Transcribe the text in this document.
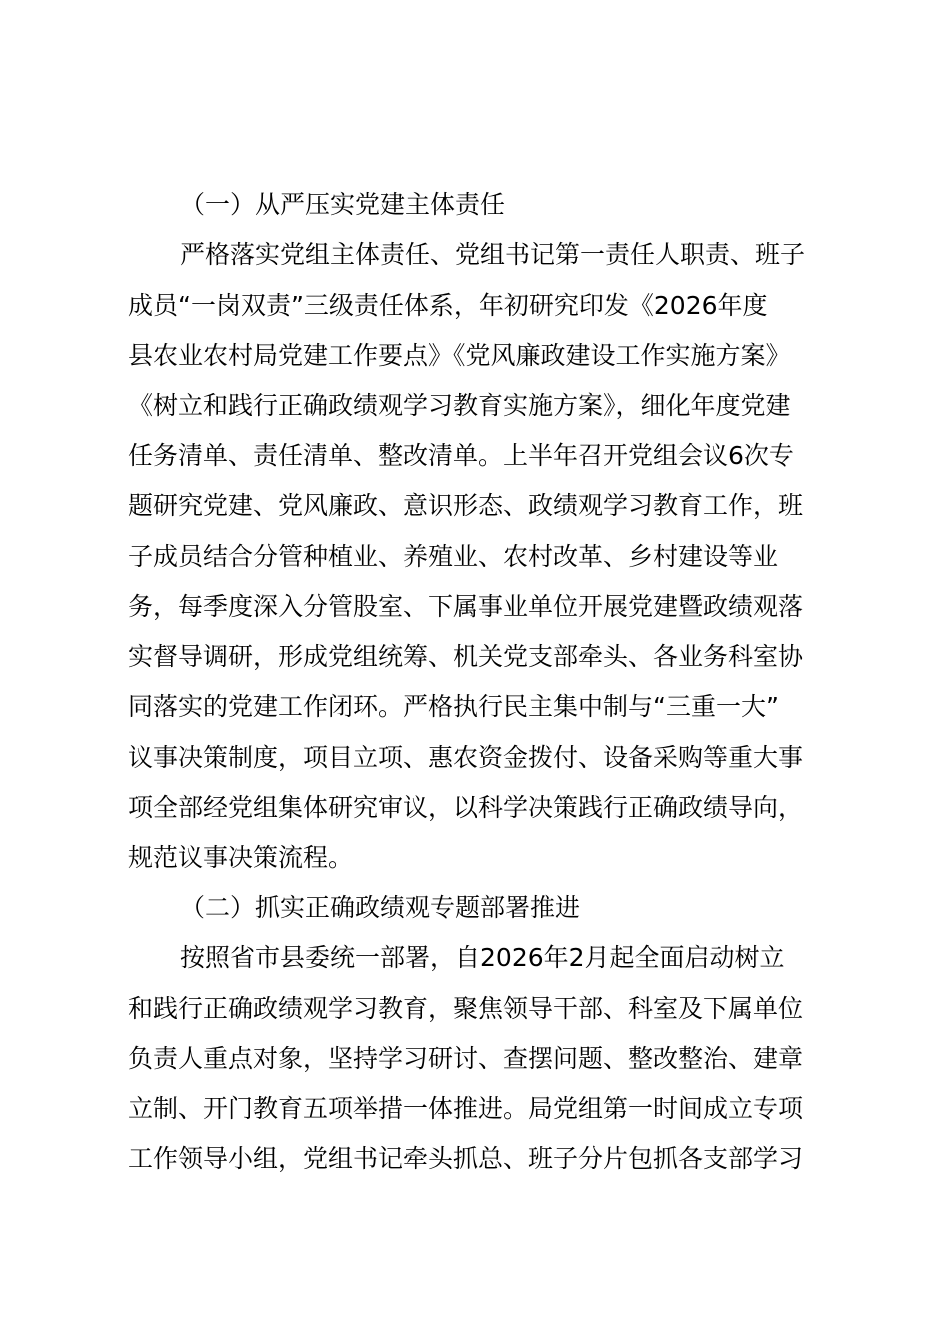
（一）从严压实党建主体责任
严格落实党组主体责任、党组书记第一责任人职责、班子
成员“一岗双责”三级责任体系，年初研究印发《2026年度
县农业农村局党建工作要点》《党风廉政建设工作实施方案》
《树立和践行正确政绩观学习教育实施方案》，细化年度党建
任务清单、责任清单、整改清单。上半年召开党组会议6次专
题研究党建、党风廉政、意识形态、政绩观学习教育工作，班
子成员结合分管种植业、养殖业、农村改革、乡村建设等业
务，每季度深入分管股室、下属事业单位开展党建暨政绩观落
实督导调研，形成党组统筹、机关党支部牵头、各业务科室协
同落实的党建工作闭环。严格执行民主集中制与“三重一大”
议事决策制度，项目立项、惠农资金拨付、设备采购等重大事
项全部经党组集体研究审议，以科学决策践行正确政绩导向，
规范议事决策流程。
（二）抓实正确政绩观专题部署推进
按照省市县委统一部署，自2026年2月起全面启动树立
和践行正确政绩观学习教育，聚焦领导干部、科室及下属单位
负责人重点对象，坚持学习研讨、查摆问题、整改整治、建章
立制、开门教育五项举措一体推进。局党组第一时间成立专项
工作领导小组，党组书记牵头抓总、班子分片包抓各支部学习
